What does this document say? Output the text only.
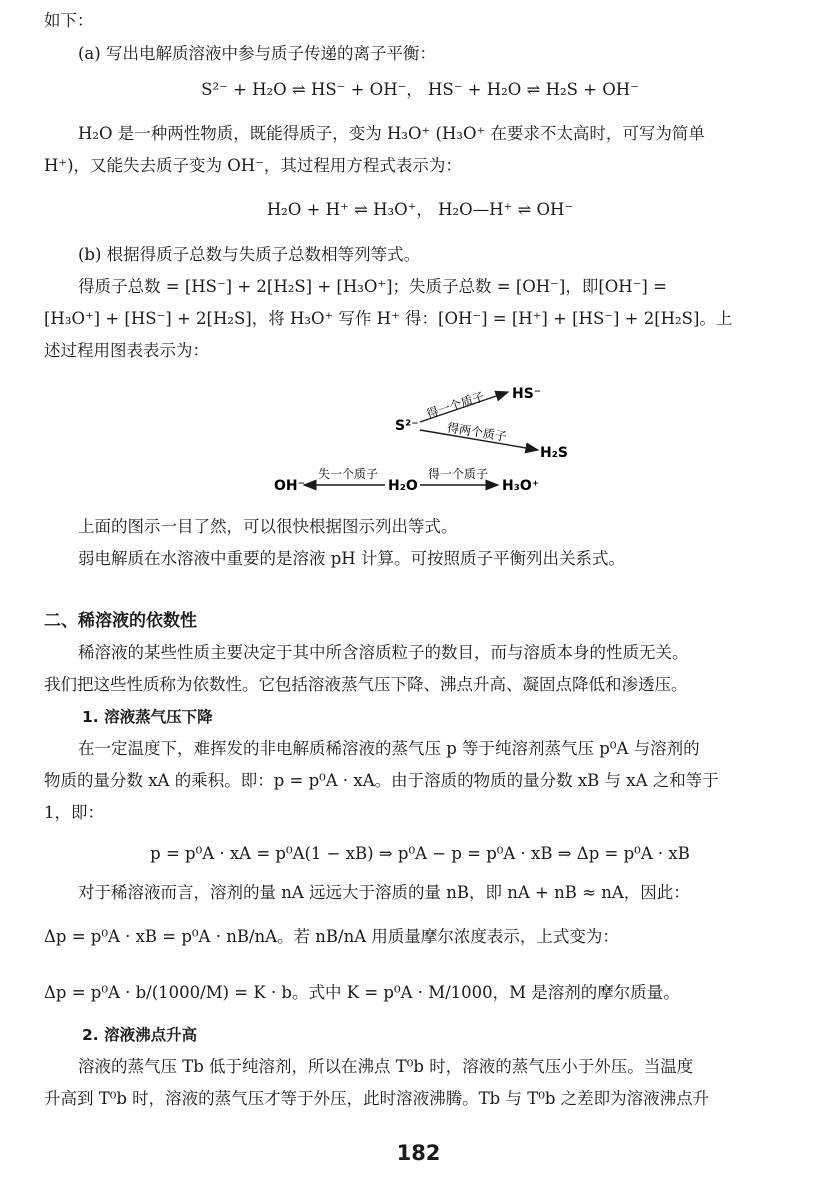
如下：
(a) 写出电解质溶液中参与质子传递的离子平衡：
S²⁻ + H₂O ⇌ HS⁻ + OH⁻， HS⁻ + H₂O ⇌ H₂S + OH⁻
H₂O 是一种两性物质，既能得质子，变为 H₃O⁺ (H₃O⁺ 在要求不太高时，可写为简单
H⁺)，又能失去质子变为 OH⁻，其过程用方程式表示为：
H₂O + H⁺ ⇌ H₃O⁺， H₂O—H⁺ ⇌ OH⁻
(b) 根据得质子总数与失质子总数相等列等式。
得质子总数 = [HS⁻] + 2[H₂S] + [H₃O⁺]；失质子总数 = [OH⁻]，即[OH⁻] =
[H₃O⁺] + [HS⁻] + 2[H₂S]，将 H₃O⁺ 写作 H⁺ 得：[OH⁻] = [H⁺] + [HS⁻] + 2[H₂S]。上
述过程用图表表示为：
上面的图示一目了然，可以很快根据图示列出等式。
弱电解质在水溶液中重要的是溶液 pH 计算。可按照质子平衡列出关系式。
二、稀溶液的依数性
稀溶液的某些性质主要决定于其中所含溶质粒子的数目，而与溶质本身的性质无关。
我们把这些性质称为依数性。它包括溶液蒸气压下降、沸点升高、凝固点降低和渗透压。
1. 溶液蒸气压下降
在一定温度下，难挥发的非电解质稀溶液的蒸气压 p 等于纯溶剂蒸气压 p⁰A 与溶剂的
物质的量分数 xA 的乘积。即：p = p⁰A · xA。由于溶质的物质的量分数 xB 与 xA 之和等于
1，即：
p = p⁰A · xA = p⁰A(1 − xB) ⇒ p⁰A − p = p⁰A · xB ⇒ Δp = p⁰A · xB
对于稀溶液而言，溶剂的量 nA 远远大于溶质的量 nB，即 nA + nB ≈ nA，因此：
Δp = p⁰A · xB = p⁰A · nB/nA。若 nB/nA 用质量摩尔浓度表示，上式变为：
Δp = p⁰A · b/(1000/M) = K · b。式中 K = p⁰A · M/1000，M 是溶剂的摩尔质量。
2. 溶液沸点升高
溶液的蒸气压 Tb 低于纯溶剂，所以在沸点 T⁰b 时，溶液的蒸气压小于外压。当温度
升高到 T⁰b 时，溶液的蒸气压才等于外压，此时溶液沸腾。Tb 与 T⁰b 之差即为溶液沸点升
S²⁻
得一个质子 HS⁻
得两个质子
H₂S
OH⁻
失一个质子
H₂O
得一个质子
H₃O⁺
182
